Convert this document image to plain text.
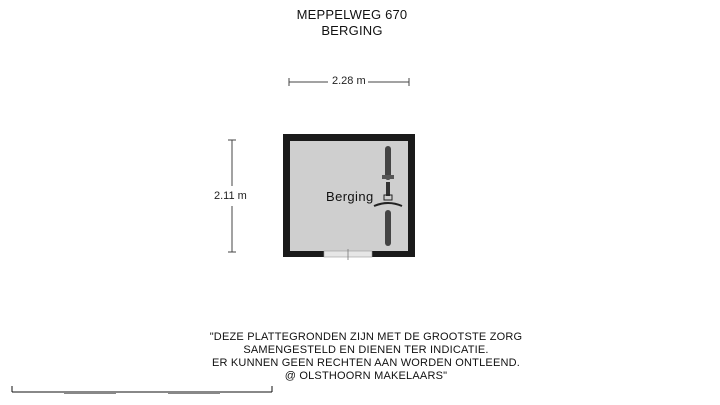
MEPPELWEG 670
BERGING
2.28 m
2.11 m	Berging
"DEZE PLATTEGRONDEN ZIJN MET DE GROOTSTE ZORG
SAMENGESTELD EN DIENEN TER INDICATIE.
ER KUNNEN GEEN RECHTEN AAN WORDEN ONTLEEND.
@ OLSTHOORN MAKELAARS"
